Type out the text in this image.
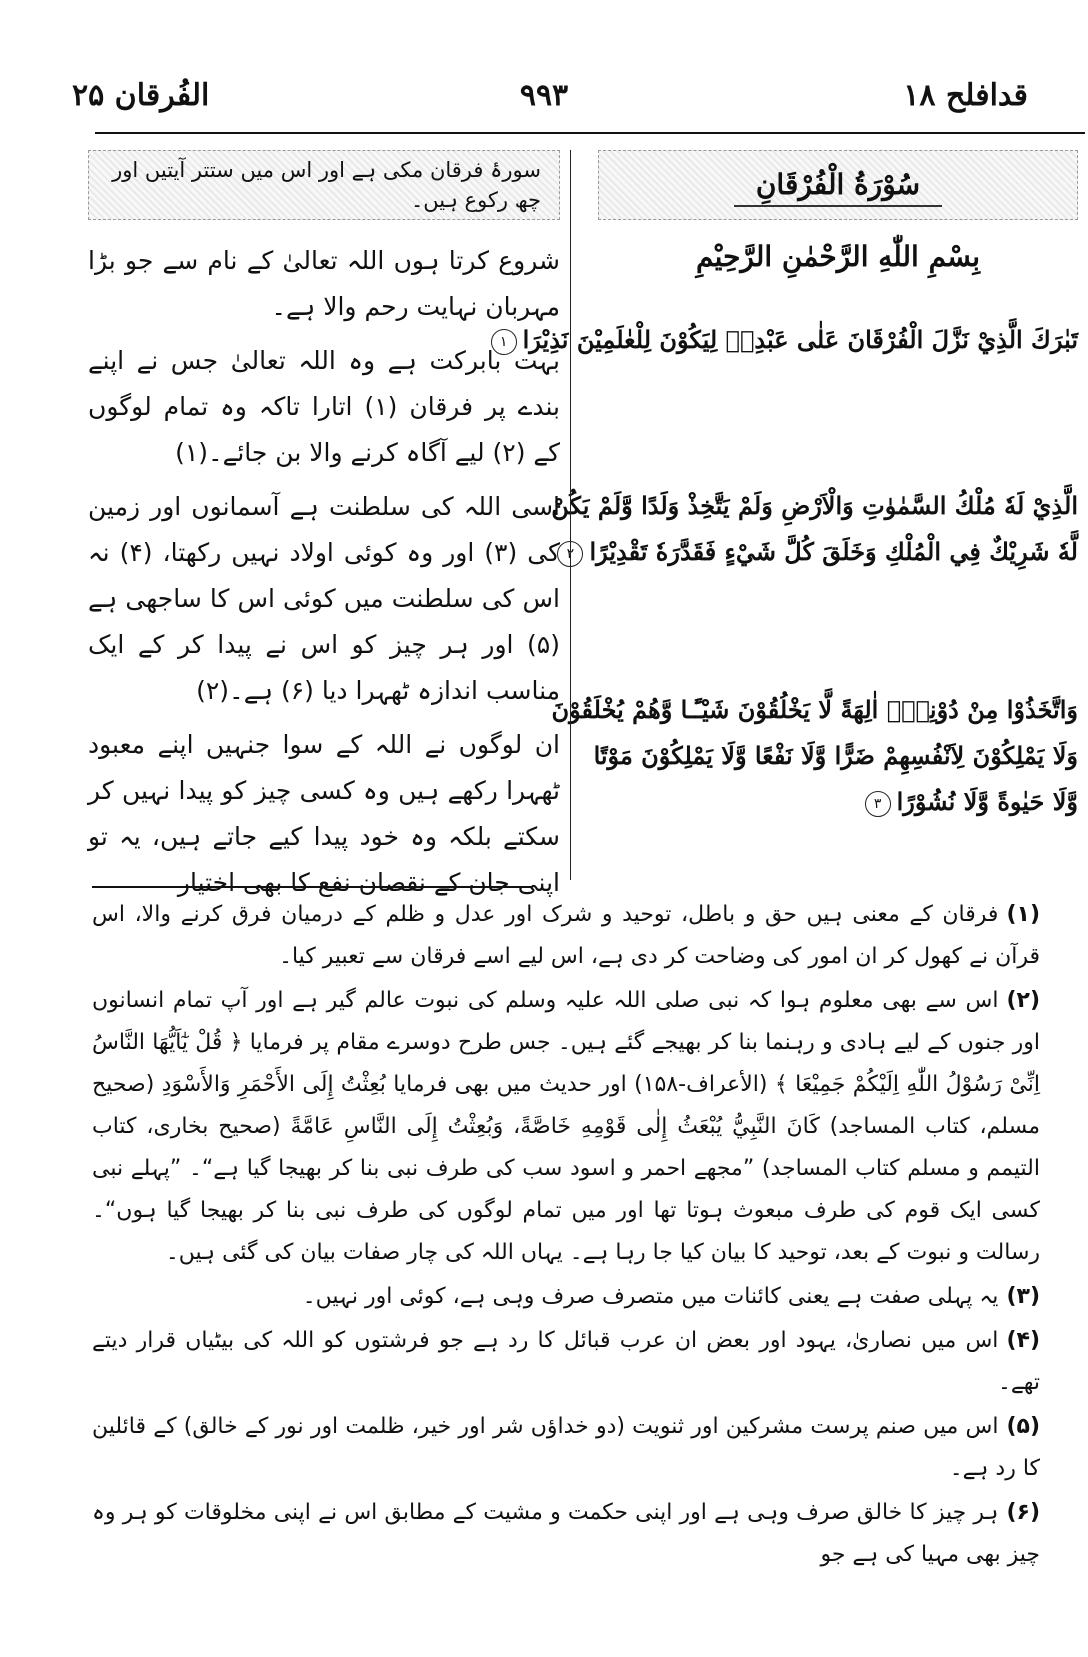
قدافلح ۱۸
۹۹۳
الفُرقان ۲۵
سُوْرَةُ الْفُرْقَانِ
بِسْمِ اللّٰهِ الرَّحْمٰنِ الرَّحِيْمِ
تَبٰرَكَ الَّذِيْ نَزَّلَ الْفُرْقَانَ عَلٰى عَبْدِهٖ لِيَكُوْنَ لِلْعٰلَمِيْنَ نَذِيْرَا١
الَّذِيْ لَهٗ مُلْكُ السَّمٰوٰتِ وَالْاَرْضِ وَلَمْ يَتَّخِذْ وَلَدًا وَّلَمْ يَكُنْ
لَّهٗ شَرِيْكٌ فِي الْمُلْكِ وَخَلَقَ كُلَّ شَيْءٍ فَقَدَّرَهٗ تَقْدِيْرًا٢
وَاتَّخَذُوْا مِنْ دُوْنِهٖٓ اٰلِهَةً لَّا يَخْلُقُوْنَ شَيْـًٔـا وَّهُمْ يُخْلَقُوْنَ
وَلَا يَمْلِكُوْنَ لِاَنْفُسِهِمْ ضَرًّا وَّلَا نَفْعًا وَّلَا يَمْلِكُوْنَ مَوْتًا
وَّلَا حَيٰوةً وَّلَا نُشُوْرًا٣
سورۂ فرقان مکی ہے اور اس میں ستتر آیتیں اور چھ رکوع ہیں۔

شروع کرتا ہوں اللہ تعالیٰ کے نام سے جو بڑا مہربان نہایت رحم والا ہے۔

بہت بابرکت ہے وہ اللہ تعالیٰ جس نے اپنے بندے پر فرقان (۱) اتارا تاکہ وہ تمام لوگوں کے (۲) لیے آگاہ کرنے والا بن جائے۔(۱)

اسی اللہ کی سلطنت ہے آسمانوں اور زمین کی (۳) اور وہ کوئی اولاد نہیں رکھتا، (۴) نہ اس کی سلطنت میں کوئی اس کا ساجھی ہے (۵) اور ہر چیز کو اس نے پیدا کر کے ایک مناسب اندازہ ٹھہرا دیا (۶) ہے۔(۲)

ان لوگوں نے اللہ کے سوا جنہیں اپنے معبود ٹھہرا رکھے ہیں وہ کسی چیز کو پیدا نہیں کر سکتے بلکہ وہ خود پیدا کیے جاتے ہیں، یہ تو اپنی جان کے نقصان نفع کا بھی اختیار

(۱)فرقان کے معنی ہیں حق و باطل، توحید و شرک اور عدل و ظلم کے درمیان فرق کرنے والا، اس قرآن نے کھول کر ان امور کی وضاحت کر دی ہے، اس لیے اسے فرقان سے تعبیر کیا۔

(۲)اس سے بھی معلوم ہوا کہ نبی صلی اللہ علیہ وسلم کی نبوت عالم گیر ہے اور آپ تمام انسانوں اور جنوں کے لیے ہادی و رہنما بنا کر بھیجے گئے ہیں۔ جس طرح دوسرے مقام پر فرمایا ﴿ قُلْ يٰٓاَيُّهَا النَّاسُ اِنِّىْ رَسُوْلُ اللّٰهِ اِلَيْكُمْ جَمِيْعَا ﴾ (الأعراف-۱۵۸) اور حدیث میں بھی فرمایا بُعِثْتُ إِلَى الأَحْمَرِ وَالأَسْوَدِ (صحیح مسلم، کتاب المساجد) كَانَ النَّبِيُّ يُبْعَثُ إِلٰى قَوْمِهِ خَاصَّةً، وَبُعِثْتُ إِلَى النَّاسِ عَامَّةً (صحیح بخاری، کتاب التیمم و مسلم کتاب المساجد) ”مجھے احمر و اسود سب کی طرف نبی بنا کر بھیجا گیا ہے“۔ ”پہلے نبی کسی ایک قوم کی طرف مبعوث ہوتا تھا اور میں تمام لوگوں کی طرف نبی بنا کر بھیجا گیا ہوں“۔ رسالت و نبوت کے بعد، توحید کا بیان کیا جا رہا ہے۔ یہاں اللہ کی چار صفات بیان کی گئی ہیں۔

(۳)یہ پہلی صفت ہے یعنی کائنات میں متصرف صرف وہی ہے، کوئی اور نہیں۔

(۴)اس میں نصاریٰ، یہود اور بعض ان عرب قبائل کا رد ہے جو فرشتوں کو اللہ کی بیٹیاں قرار دیتے تھے۔

(۵)اس میں صنم پرست مشرکین اور ثنویت (دو خداؤں شر اور خیر، ظلمت اور نور کے خالق) کے قائلین کا رد ہے۔

(۶)ہر چیز کا خالق صرف وہی ہے اور اپنی حکمت و مشیت کے مطابق اس نے اپنی مخلوقات کو ہر وہ چیز بھی مہیا کی ہے جو
